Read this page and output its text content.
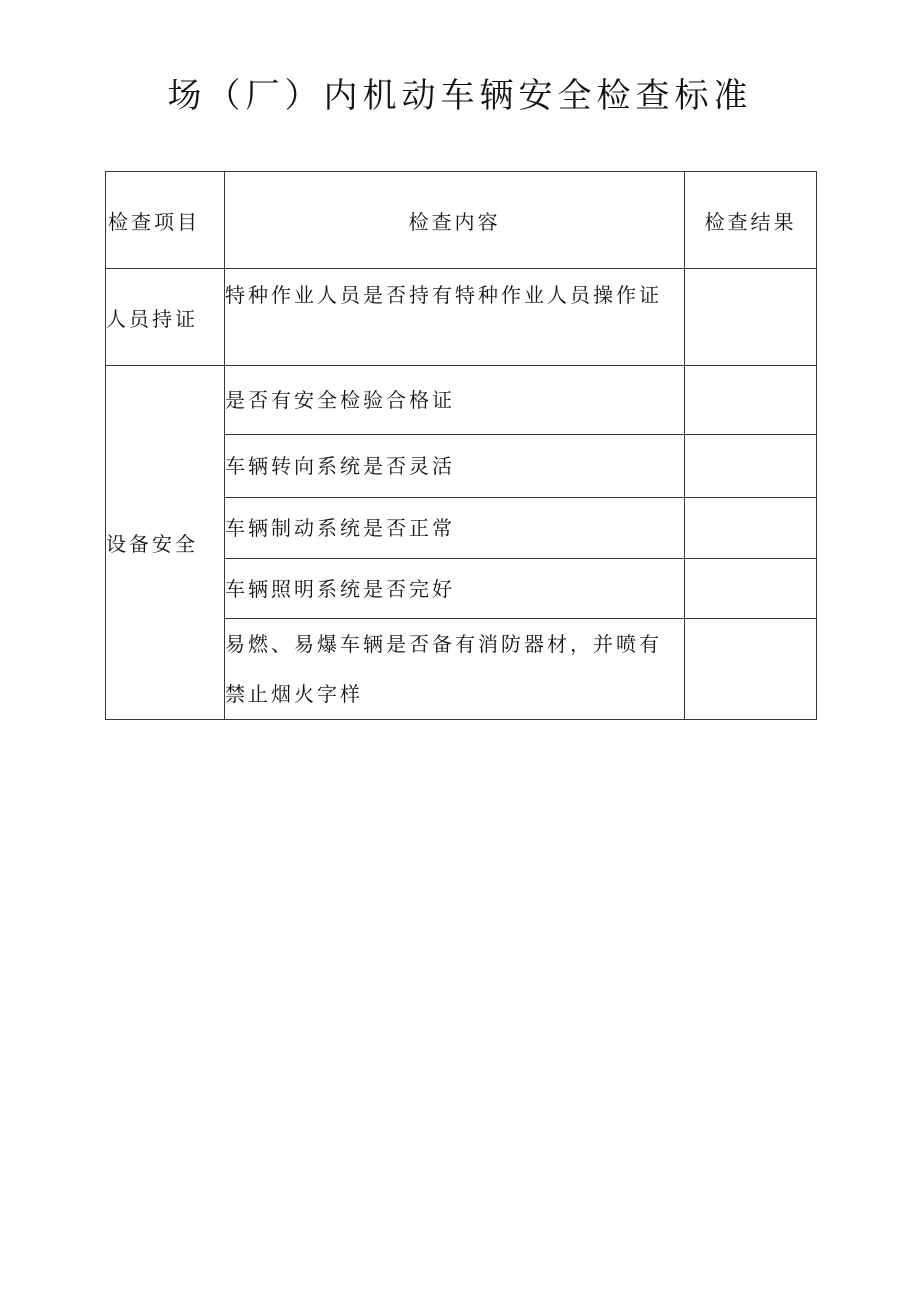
场（厂）内机动车辆安全检查标准
检查项目	检查内容	检查结果
人员持证	特种作业人员是否持有特种作业人员操作证	
设备安全	是否有安全检验合格证	
	车辆转向系统是否灵活	
	车辆制动系统是否正常	
	车辆照明系统是否完好	
	易燃、易爆车辆是否备有消防器材，并喷有禁止烟火字样	
